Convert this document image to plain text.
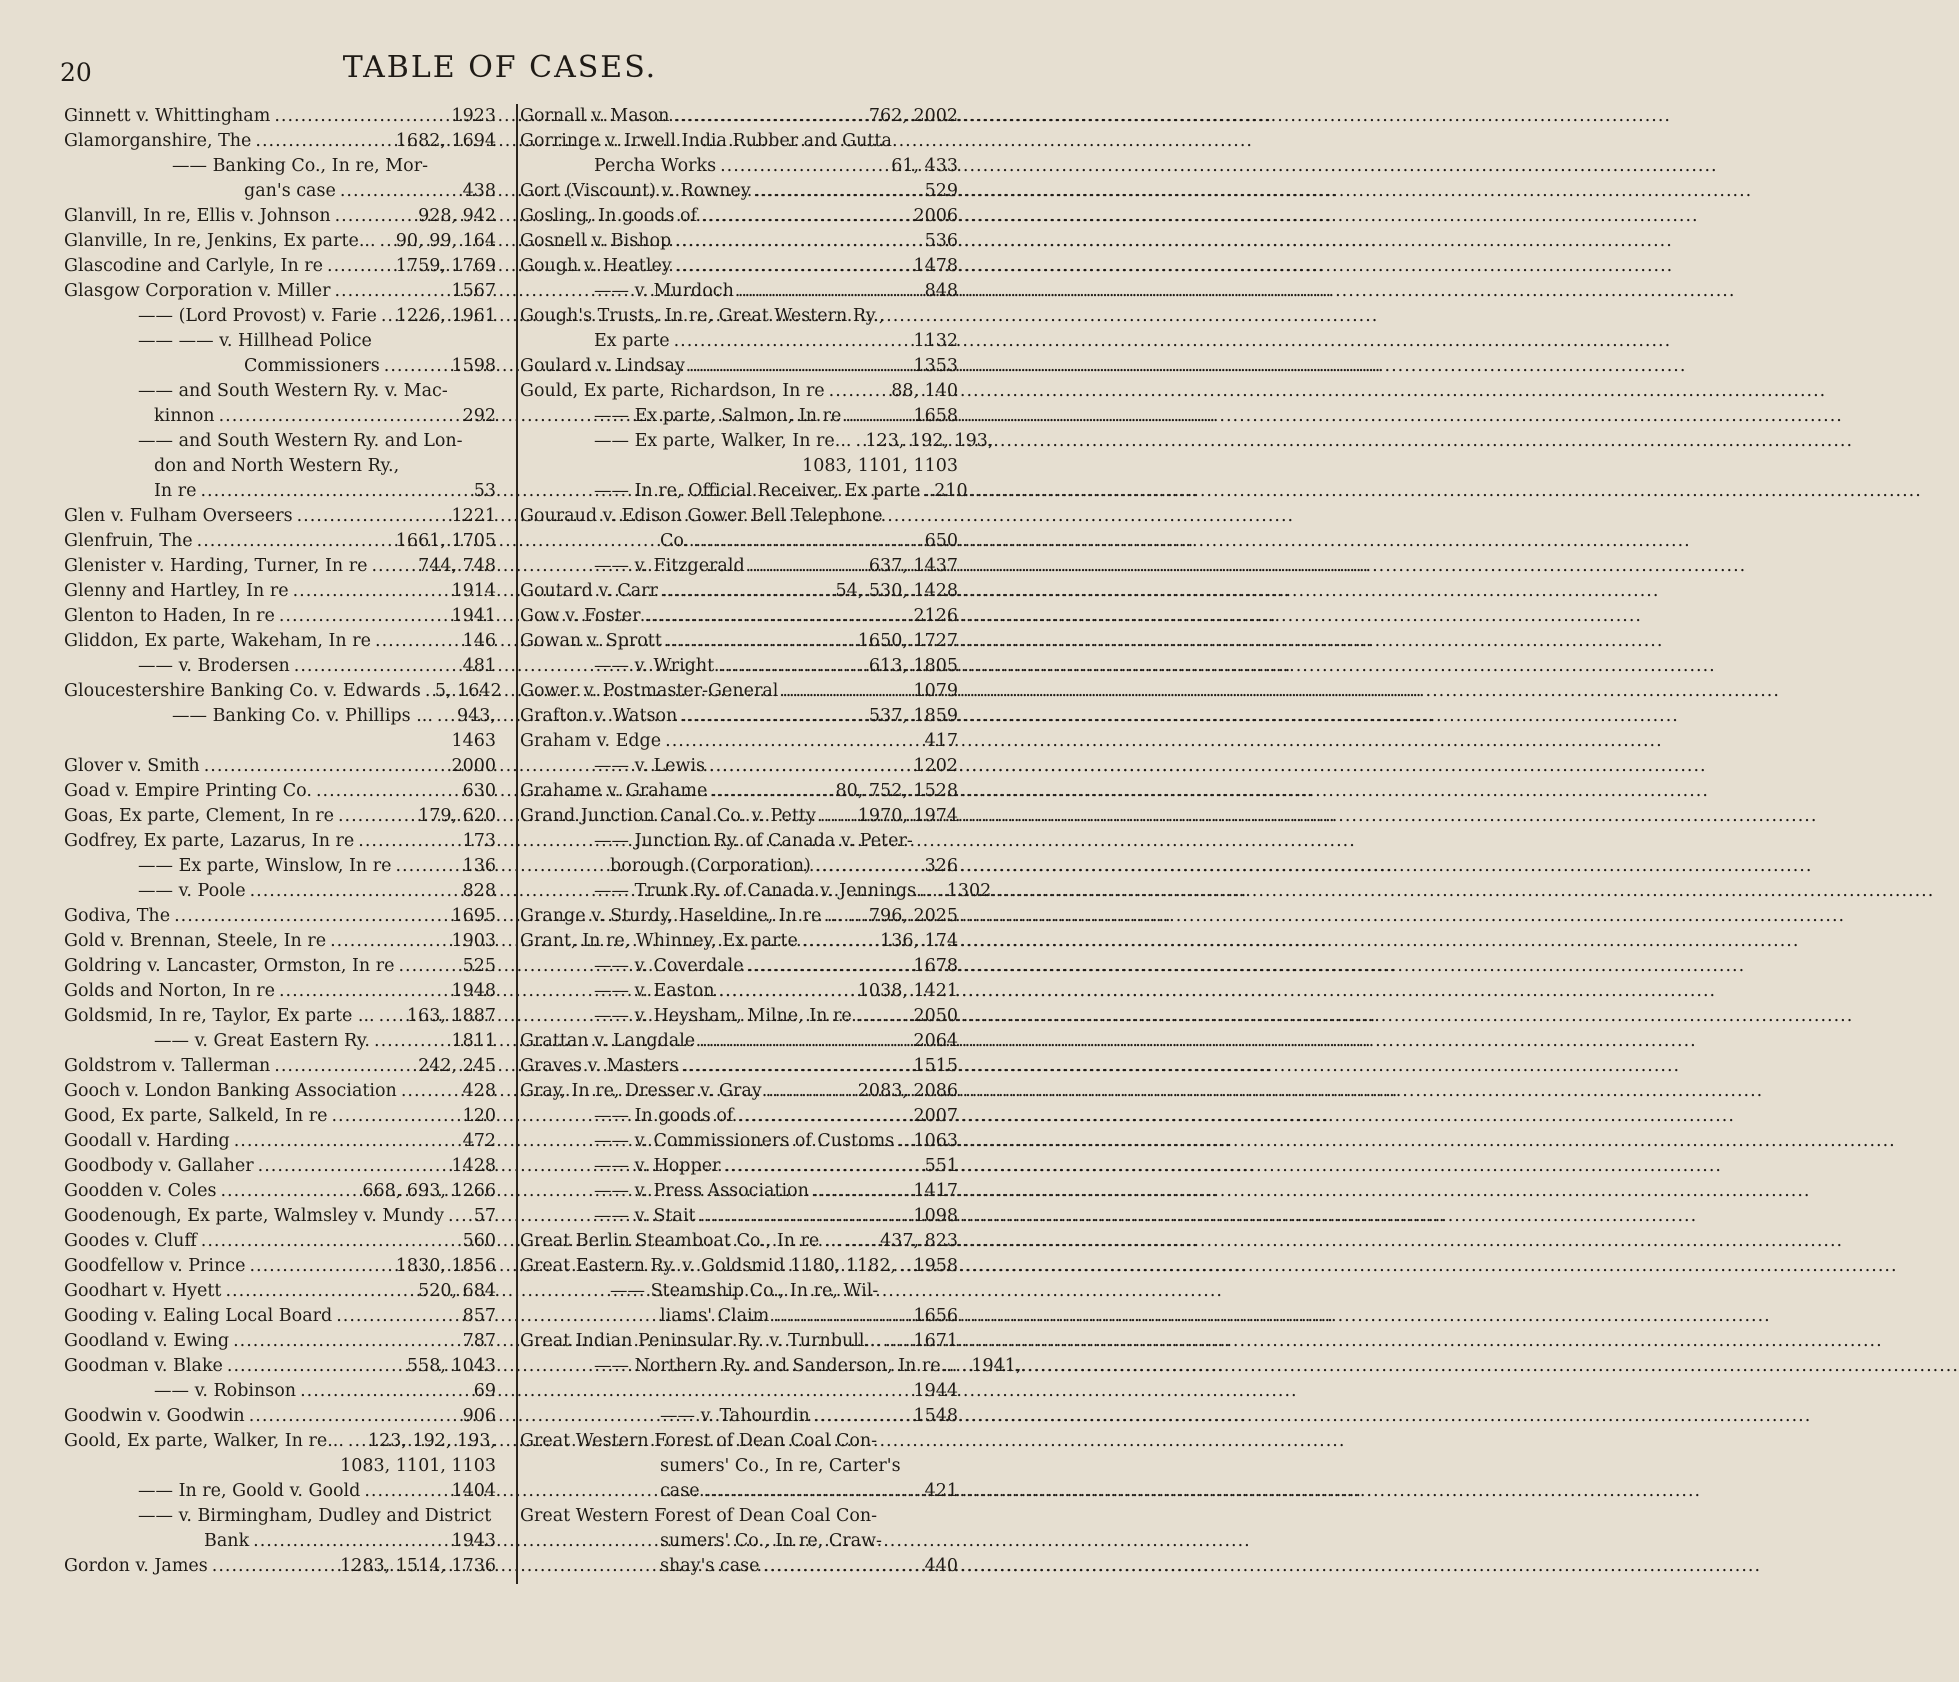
20	TABLE OF CASES.
Ginnett v. Whittingham .....	1923
Glamorganshire, The .....	1682, 1694
—— Banking Co., In re, Mor-
gan's case .....	438
Glanvill, In re, Ellis v. Johnson .....	928, 942
Glanville, In re, Jenkins, Ex parte... ..... 90, 99, 164
Glascodine and Carlyle, In re .....	1759, 1769
Glasgow Corporation v. Miller .....	1567
—— (Lord Provost) v. Farie ..... 1226, 1961
—— —— v. Hillhead Police
Commissioners .....	1598
—— and South Western Ry. v. Mac-
kinnon .....	292
—— and South Western Ry. and Lon-
don and North Western Ry.,
In re .....	53
Glen v. Fulham Overseers .....	1221
Glenfruin, The .....	1661, 1705
Glenister v. Harding, Turner, In re .....	744, 748
Glenny and Hartley, In re .....	1914
Glenton to Haden, In re .....	1941
Gliddon, Ex parte, Wakeham, In re .....	146
—— v. Brodersen .....	481
Gloucestershire Banking Co. v. Edwards ..... 5, 1642
—— Banking Co. v. Phillips ... ..... 943,
1463
Glover v. Smith .....	2000
Goad v. Empire Printing Co. .....	630
Goas, Ex parte, Clement, In re .....	179, 620
Godfrey, Ex parte, Lazarus, In re .....	173
—— Ex parte, Winslow, In re .....	136
—— v. Poole .....	828
Godiva, The .....	1695
Gold v. Brennan, Steele, In re .....	1903
Goldring v. Lancaster, Ormston, In re .....	525
Golds and Norton, In re .....	1948
Goldsmid, In re, Taylor, Ex parte ... ..... 163, 1887
—— v. Great Eastern Ry. .....	1811
Goldstrom v. Tallerman .....	242, 245
Gooch v. London Banking Association .....	428
Good, Ex parte, Salkeld, In re .....	120
Goodall v. Harding .....	472
Goodbody v. Gallaher .....	1428
Goodden v. Coles .....	668, 693, 1266
Goodenough, Ex parte, Walmsley v. Mundy ..... 57
Goodes v. Cluff .....	560
Goodfellow v. Prince .....	1830, 1856
Goodhart v. Hyett .....	520, 684
Gooding v. Ealing Local Board .....	857
Goodland v. Ewing .....	787
Goodman v. Blake .....	558, 1043
—— v. Robinson .....	69
Goodwin v. Goodwin .....	906
Goold, Ex parte, Walker, In re... ..... 123, 192, 193,
1083, 1101, 1103
—— In re, Goold v. Goold .....	1404
—— v. Birmingham, Dudley and District
Bank .....	1943
Gordon v. James .....	1283, 1514, 1736
Gornall v. Mason .....	762, 2002
Gorringe v. Irwell India Rubber and Gutta
Percha Works .....	61, 433
Gort (Viscount) v. Rowney .....	529
Gosling, In goods of .....	2006
Gosnell v. Bishop .....	536
Gough v. Heatley .....	1478
—— v. Murdoch .....	848
Gough's Trusts, In re, Great Western Ry.,
Ex parte .....	1132
Goulard v. Lindsay .....	1353
Gould, Ex parte, Richardson, In re .....	88, 140
—— Ex parte, Salmon, In re .....	1658
—— Ex parte, Walker, In re... ..... 123, 192, 193,
1083, 1101, 1103
—— In re, Official Receiver, Ex parte ..... 210
Gouraud v. Edison Gower Bell Telephone
Co. .....	650
—— v. Fitzgerald .....	637, 1437
Goutard v. Carr .....	54, 530, 1428
Gow v. Foster .....	2126
Gowan v. Sprott .....	1650, 1727
—— v. Wright .....	613, 1805
Gower v. Postmaster-General .....	1079
Grafton v. Watson .....	537, 1859
Graham v. Edge .....	417
—— v. Lewis .....	1202
Grahame v. Grahame .....	80, 752, 1528
Grand Junction Canal Co. v. Petty ..... 1970, 1974
—— Junction Ry. of Canada v. Peter-
borough (Corporation) .....	326
—— Trunk Ry. of Canada v. Jennings... ..... 1302
Grange v. Sturdy, Haseldine, In re ... ..... 796, 2025
Grant, In re, Whinney, Ex parte .....	136, 174
—— v. Coverdale .....	1678
—— v. Easton .....	1038, 1421
—— v. Heysham, Milne, In re .....	2050
Grattan v. Langdale .....	2064
Graves v. Masters .....	1515
Gray, In re, Dresser v. Gray .....	2083, 2086
—— In goods of .....	2007
—— v. Commissioners of Customs ..... 1063
—— v. Hopper .....	551
—— v. Press Association .....	1417
—— v. Stait .....	1098
Great Berlin Steamboat Co., In re ... ..... 437, 823
Great Eastern Ry. v. Goldsmid 1180, 1182, ..... 1958
—— Steamship Co., In re, Wil-
liams' Claim .....	1656
Great Indian Peninsular Ry. v. Turnbull... ..... 1671
—— Northern Ry. and Sanderson, In re... ..... 1941,
1944
—— v. Tahourdin .....	1548
Great Western Forest of Dean Coal Con-
sumers' Co., In re, Carter's
case .....	421
Great Western Forest of Dean Coal Con-
sumers' Co., In re, Craw-
shay's case .....	440
